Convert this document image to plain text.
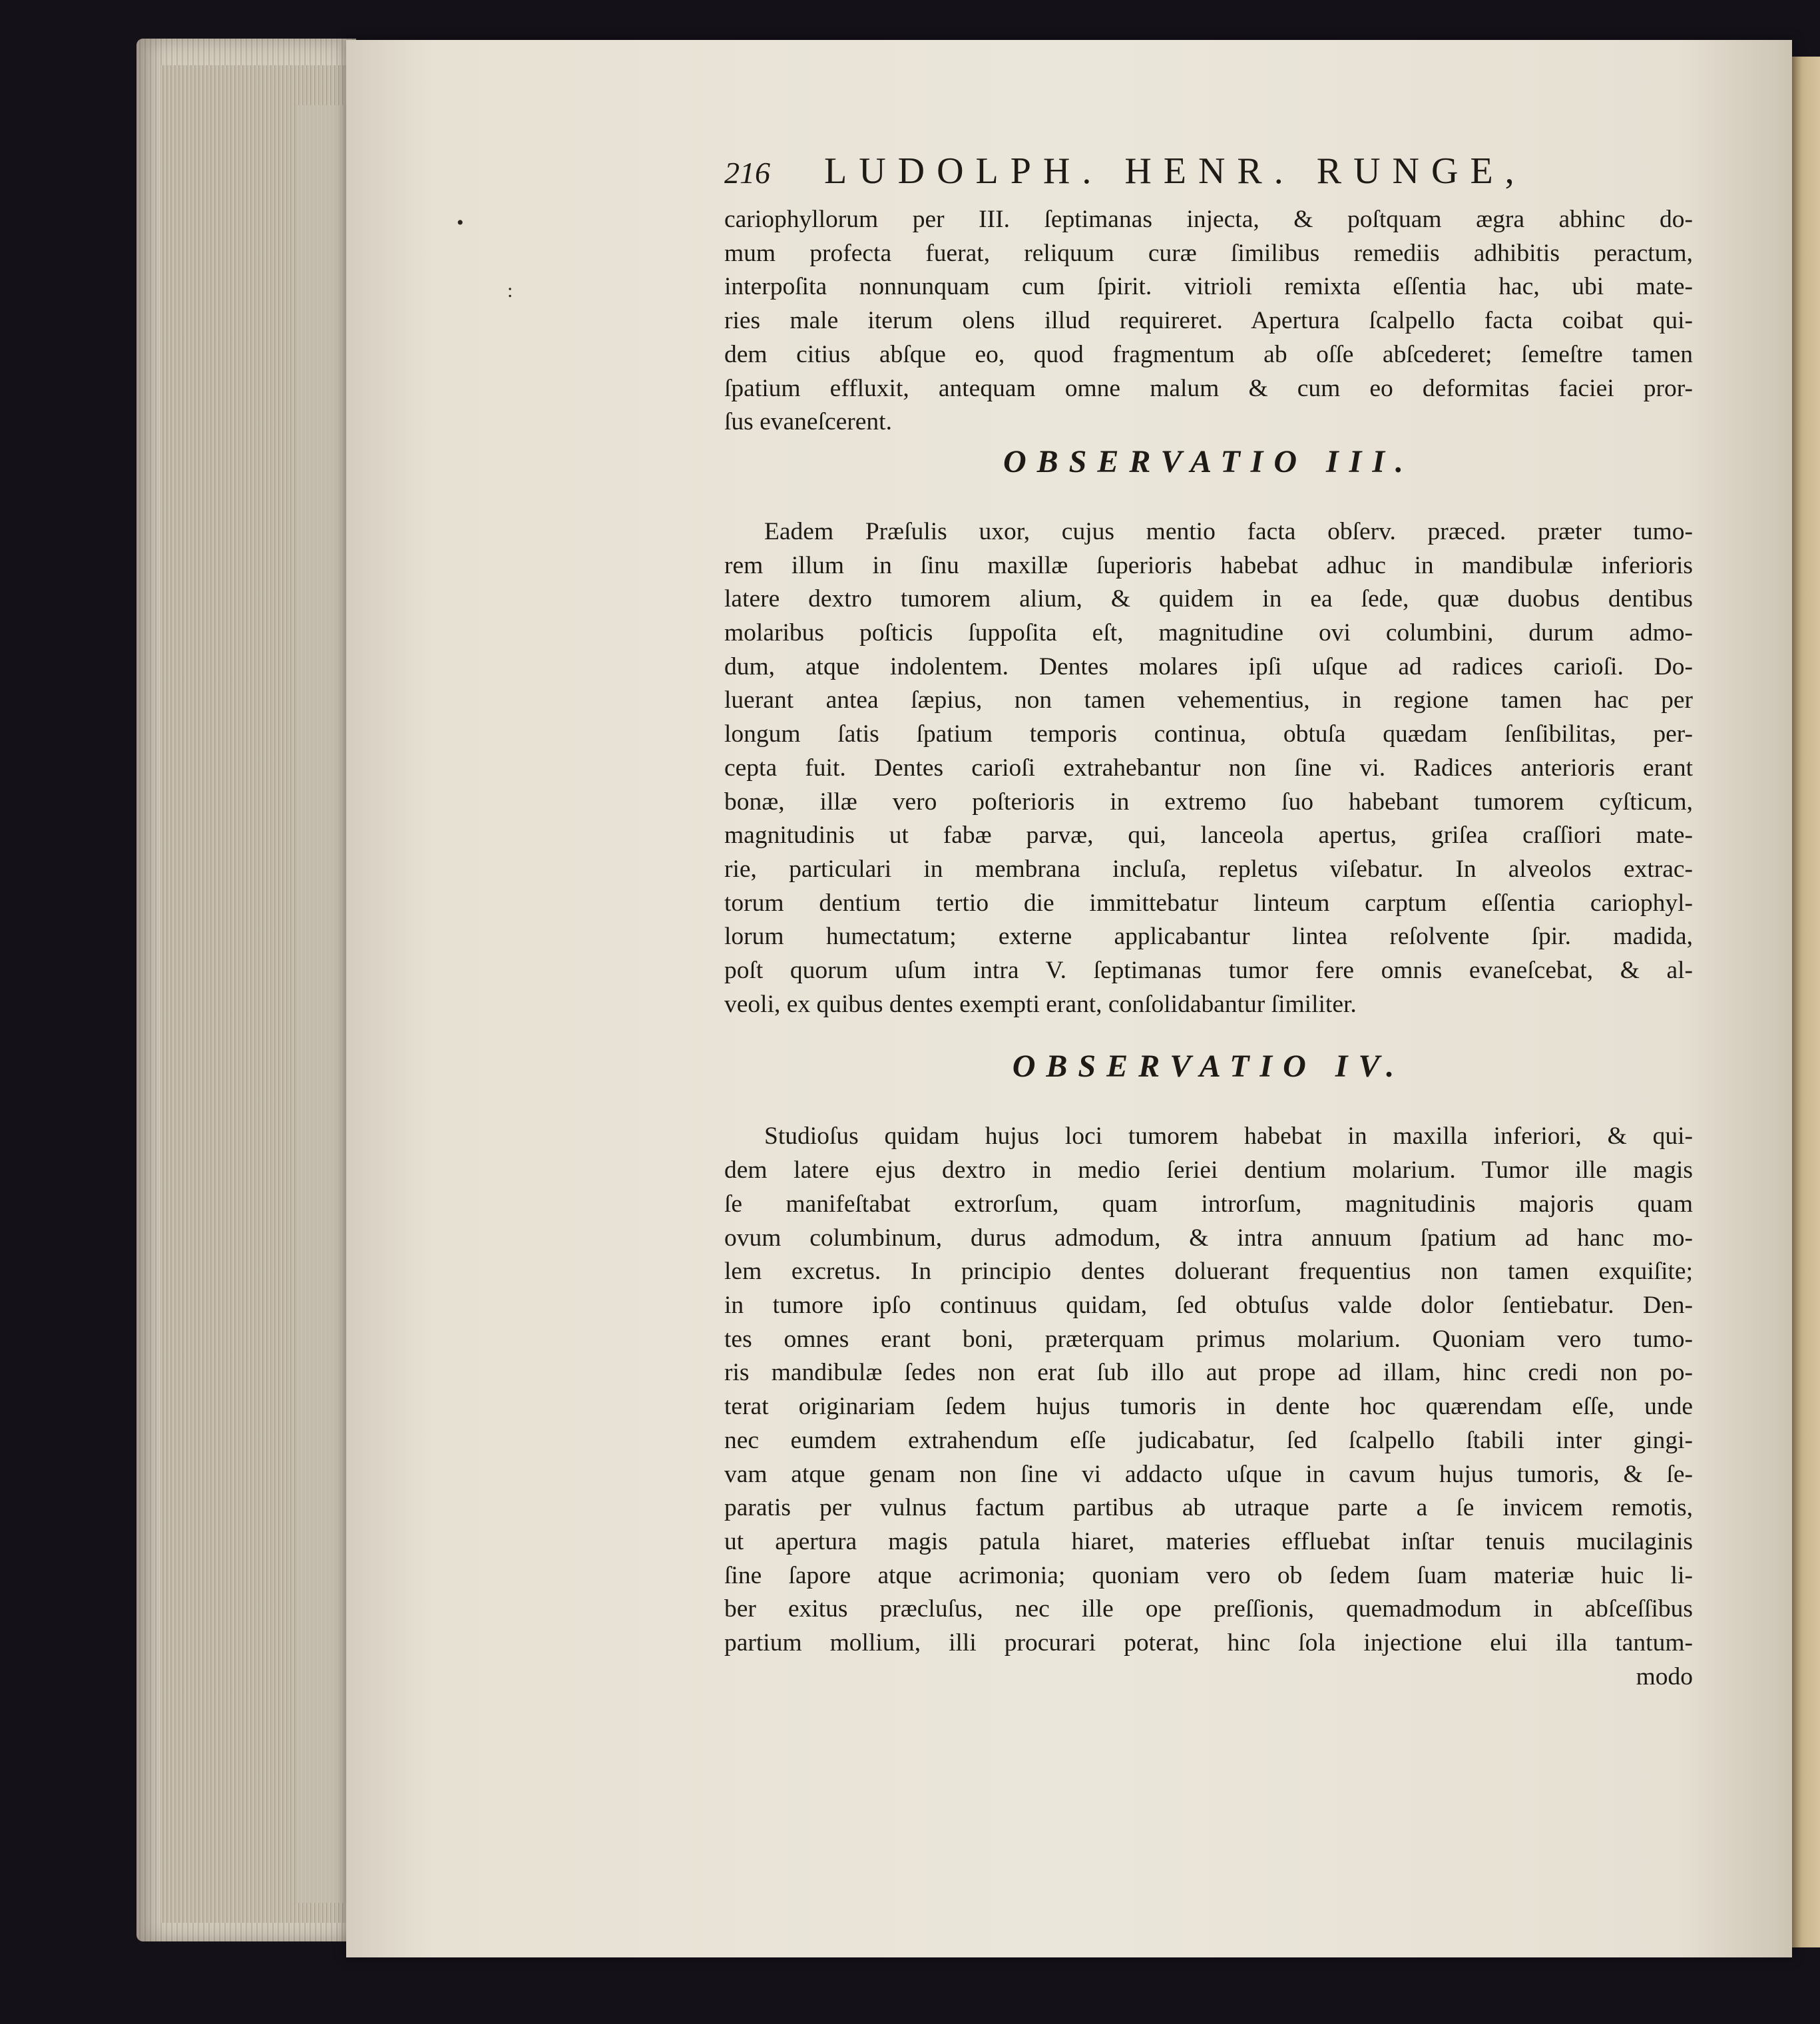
•
:
216	LUDOLPH. HENR. RUNGE,

cariophyllorum per III. ſeptimanas injecta, & poſtquam ægra abhinc do-
mum profecta fuerat, reliquum curæ ſimilibus remediis adhibitis peractum,
interpoſita nonnunquam cum ſpirit. vitrioli remixta eſſentia hac, ubi mate-
ries male iterum olens illud requireret. Apertura ſcalpello facta coibat qui-
dem citius abſque eo, quod fragmentum ab oſſe abſcederet; ſemeſtre tamen
ſpatium effluxit, antequam omne malum & cum eo deformitas faciei pror-
ſus evaneſcerent.

OBSERVATIO III.

Eadem Præſulis uxor, cujus mentio facta obſerv. præced. præter tumo-
rem illum in ſinu maxillæ ſuperioris habebat adhuc in mandibulæ inferioris
latere dextro tumorem alium, & quidem in ea ſede, quæ duobus dentibus
molaribus poſticis ſuppoſita eſt, magnitudine ovi columbini, durum admo-
dum, atque indolentem. Dentes molares ipſi uſque ad radices carioſi. Do-
luerant antea ſæpius, non tamen vehementius, in regione tamen hac per
longum ſatis ſpatium temporis continua, obtuſa quædam ſenſibilitas, per-
cepta fuit. Dentes carioſi extrahebantur non ſine vi. Radices anterioris erant
bonæ, illæ vero poſterioris in extremo ſuo habebant tumorem cyſticum,
magnitudinis ut fabæ parvæ, qui, lanceola apertus, griſea craſſiori mate-
rie, particulari in membrana incluſa, repletus viſebatur. In alveolos extrac-
torum dentium tertio die immittebatur linteum carptum eſſentia cariophyl-
lorum humectatum; externe applicabantur lintea reſolvente ſpir. madida,
poſt quorum uſum intra V. ſeptimanas tumor fere omnis evaneſcebat, & al-
veoli, ex quibus dentes exempti erant, conſolidabantur ſimiliter.

OBSERVATIO IV.

Studioſus quidam hujus loci tumorem habebat in maxilla inferiori, & qui-
dem latere ejus dextro in medio ſeriei dentium molarium. Tumor ille magis
ſe manifeſtabat extrorſum, quam introrſum, magnitudinis majoris quam
ovum columbinum, durus admodum, & intra annuum ſpatium ad hanc mo-
lem excretus. In principio dentes doluerant frequentius non tamen exquiſite;
in tumore ipſo continuus quidam, ſed obtuſus valde dolor ſentiebatur. Den-
tes omnes erant boni, præterquam primus molarium. Quoniam vero tumo-
ris mandibulæ ſedes non erat ſub illo aut prope ad illam, hinc credi non po-
terat originariam ſedem hujus tumoris in dente hoc quærendam eſſe, unde
nec eumdem extrahendum eſſe judicabatur, ſed ſcalpello ſtabili inter gingi-
vam atque genam non ſine vi addacto uſque in cavum hujus tumoris, & ſe-
paratis per vulnus factum partibus ab utraque parte a ſe invicem remotis,
ut apertura magis patula hiaret, materies effluebat inſtar tenuis mucilaginis
ſine ſapore atque acrimonia; quoniam vero ob ſedem ſuam materiæ huic li-
ber exitus præcluſus, nec ille ope preſſionis, quemadmodum in abſceſſibus
partium mollium, illi procurari poterat, hinc ſola injectione elui illa tantum-
modo
